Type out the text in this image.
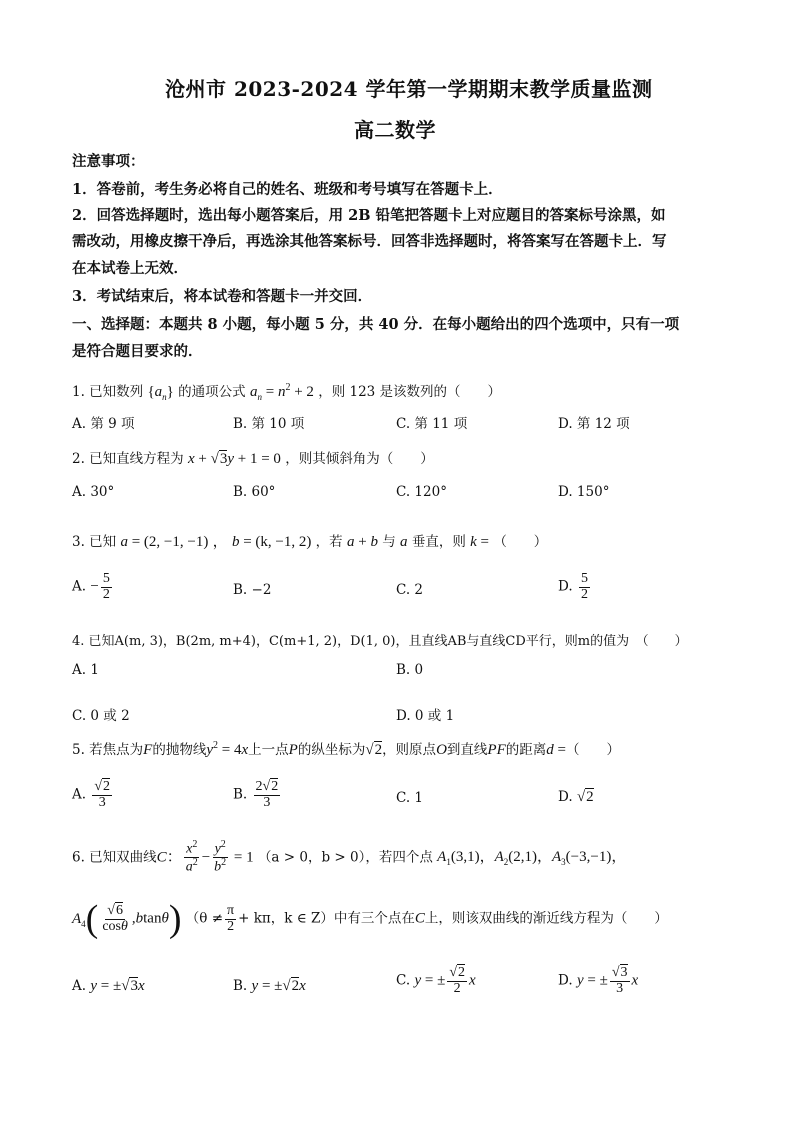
沧州市 2023-2024 学年第一学期期末教学质量监测
高二数学
注意事项：
1．答卷前，考生务必将自己的姓名、班级和考号填写在答题卡上．
2．回答选择题时，选出每小题答案后，用 2B 铅笔把答题卡上对应题目的答案标号涂黑，如
需改动，用橡皮擦干净后，再选涂其他答案标号．回答非选择题时，将答案写在答题卡上．写
在本试卷上无效．
3．考试结束后，将本试卷和答题卡一并交回．
一、选择题：本题共 8 小题，每小题 5 分，共 40 分．在每小题给出的四个选项中，只有一项
是符合题目要求的．
1. 已知数列 $\{a_n\}$ 的通项公式 $a_n = n^2 + 2$ ，则 123 是该数列的（　　）
A. 第 9 项	B. 第 10 项	C. 第 11 项	D. 第 12 项
2. 已知直线方程为 x + √3y + 1 = 0 ，则其倾斜角为（　　）
A. 30°	B. 60°	C. 120°	D. 150°
3. 已知 a = (2, −1, −1) ， b = (k, −1, 2) ，若 a + b 与 a 垂直，则 k = （　　）
A. − $\frac{5}{2}$	B. −2	C. 2	D. $\frac{5}{2}$
4. 已知A(m, 3)，B(2m, m+4)，C(m+1, 2)，D(1, 0)，且直线AB与直线CD平行，则m的值为　（　　）
A. 1	B. 0
C. 0 或 2	D. 0 或 1
5. 若焦点为F的抛物线$y^2 = 4x$上一点P的纵坐标为√2，则原点O到直线PF的距离d =（　　）
A. $\frac{√2}{3}$	B. $\frac{2√2}{3}$	C. 1	D. √2
6. 已知双曲线C： $\frac{x^2}{a^2} - \frac{y^2}{b^2} = 1$ （a > 0，b > 0），若四个点 $A_1(3,1)$，$A_2(2,1)$，$A_3(-3,-1)$，
$A_4( \frac{√6}{\cos\theta} ,btan\theta) (\theta \ne \frac{\pi}{2} + k\pi$，k ∈ Z）中有三个点在C上，则该双曲线的渐近线方程为（　　）
A. y = ±√3x	B. y = ±√2x	C. y = ± $\frac{√2}{2}$ x	D. y = ± $\frac{√3}{3}$ x
